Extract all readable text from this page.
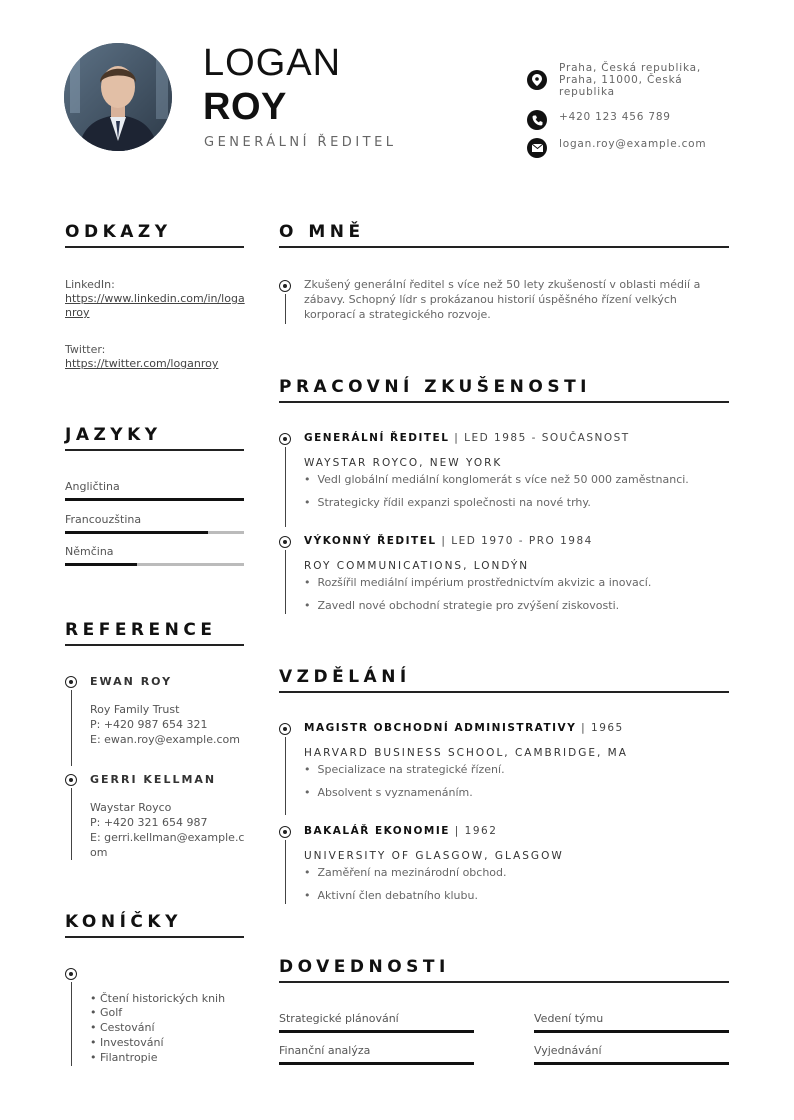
LOGAN
ROY
GENERÁLNÍ ŘEDITEL
Praha, Česká republika,
Praha, 11000, Česká
republika
+420 123 456 789
logan.roy@example.com
ODKAZY
LinkedIn:
https://www.linkedin.com/in/loganroy
Twitter:
https://twitter.com/loganroy
JAZYKY
Angličtina
Francouzština
Němčina
REFERENCE
EWAN ROY
Roy Family Trust
P: +420 987 654 321
E: ewan.roy@example.com
GERRI KELLMAN
Waystar Royco
P: +420 321 654 987
E: gerri.kellman@example.com
KONÍČKY
• Čtení historických knih
• Golf
• Cestování
• Investování
• Filantropie
O MNĚ
Zkušený generální ředitel s více než 50 lety zkušeností v oblasti médií a zábavy. Schopný lídr s prokázanou historií úspěšného řízení velkých korporací a strategického rozvoje.
PRACOVNÍ ZKUŠENOSTI
GENERÁLNÍ ŘEDITEL | LED 1985 - SOUČASNOST
WAYSTAR ROYCO, NEW YORK
•  Vedl globální mediální konglomerát s více než 50 000 zaměstnanci.
•  Strategicky řídil expanzi společnosti na nové trhy.
VÝKONNÝ ŘEDITEL | LED 1970 - PRO 1984
ROY COMMUNICATIONS, LONDÝN
•  Rozšířil mediální impérium prostřednictvím akvizic a inovací.
•  Zavedl nové obchodní strategie pro zvýšení ziskovosti.
VZDĚLÁNÍ
MAGISTR OBCHODNÍ ADMINISTRATIVY | 1965
HARVARD BUSINESS SCHOOL, CAMBRIDGE, MA
•  Specializace na strategické řízení.
•  Absolvent s vyznamenáním.
BAKALÁŘ EKONOMIE | 1962
UNIVERSITY OF GLASGOW, GLASGOW
•  Zaměření na mezinárodní obchod.
•  Aktivní člen debatního klubu.
DOVEDNOSTI
Strategické plánování	Vedení týmu
Finanční analýza	Vyjednávání
